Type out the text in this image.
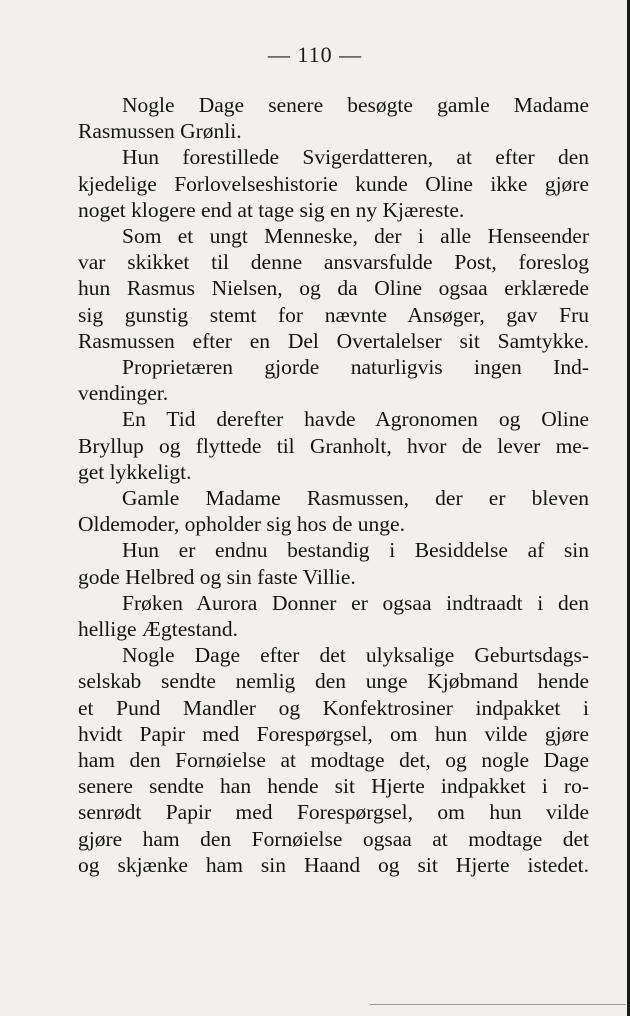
— 110 —
Nogle Dage senere besøgte gamle Madame
Rasmussen Grønli.
Hun forestillede Svigerdatteren, at efter den
kjedelige Forlovelseshistorie kunde Oline ikke gjøre
noget klogere end at tage sig en ny Kjæreste.
Som et ungt Menneske, der i alle Henseender
var skikket til denne ansvarsfulde Post, foreslog
hun Rasmus Nielsen, og da Oline ogsaa erklærede
sig gunstig stemt for nævnte Ansøger, gav Fru
Rasmussen efter en Del Overtalelser sit Samtykke.
Proprietæren gjorde naturligvis ingen Ind-
vendinger.
En Tid derefter havde Agronomen og Oline
Bryllup og flyttede til Granholt, hvor de lever me-
get lykkeligt.
Gamle Madame Rasmussen, der er bleven
Oldemoder, opholder sig hos de unge.
Hun er endnu bestandig i Besiddelse af sin
gode Helbred og sin faste Villie.
Frøken Aurora Donner er ogsaa indtraadt i den
hellige Ægtestand.
Nogle Dage efter det ulyksalige Geburtsdags-
selskab sendte nemlig den unge Kjøbmand hende
et Pund Mandler og Konfektrosiner indpakket i
hvidt Papir med Forespørgsel, om hun vilde gjøre
ham den Fornøielse at modtage det, og nogle Dage
senere sendte han hende sit Hjerte indpakket i ro-
senrødt Papir med Forespørgsel, om hun vilde
gjøre ham den Fornøielse ogsaa at modtage det
og skjænke ham sin Haand og sit Hjerte istedet.
